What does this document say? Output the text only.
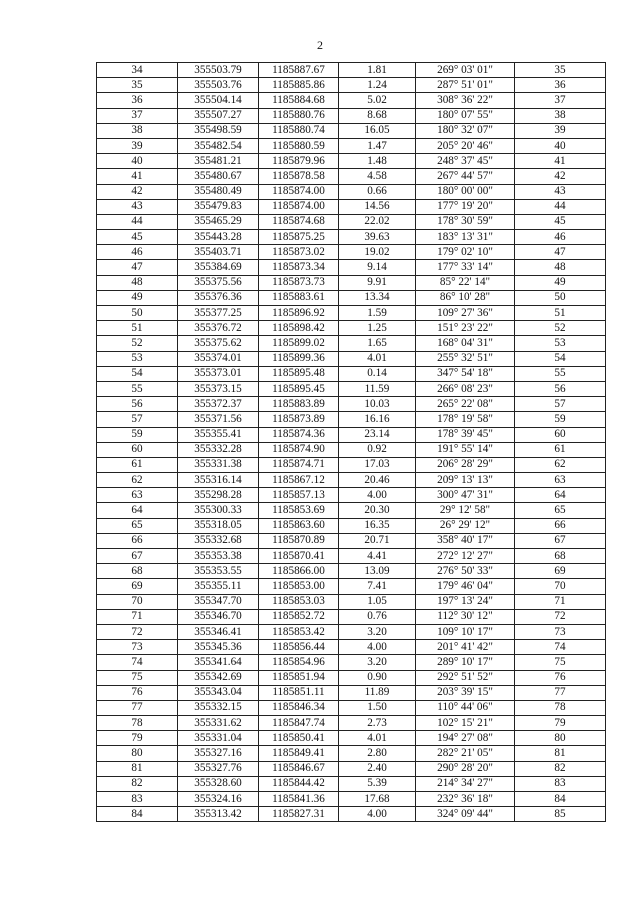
2
34	355503.79	1185887.67	1.81	269° 03' 01"	35
35	355503.76	1185885.86	1.24	287° 51' 01"	36
36	355504.14	1185884.68	5.02	308° 36' 22"	37
37	355507.27	1185880.76	8.68	180° 07' 55"	38
38	355498.59	1185880.74	16.05	180° 32' 07"	39
39	355482.54	1185880.59	1.47	205° 20' 46"	40
40	355481.21	1185879.96	1.48	248° 37' 45"	41
41	355480.67	1185878.58	4.58	267° 44' 57"	42
42	355480.49	1185874.00	0.66	180° 00' 00"	43
43	355479.83	1185874.00	14.56	177° 19' 20"	44
44	355465.29	1185874.68	22.02	178° 30' 59"	45
45	355443.28	1185875.25	39.63	183° 13' 31"	46
46	355403.71	1185873.02	19.02	179° 02' 10"	47
47	355384.69	1185873.34	9.14	177° 33' 14"	48
48	355375.56	1185873.73	9.91	85° 22' 14"	49
49	355376.36	1185883.61	13.34	86° 10' 28"	50
50	355377.25	1185896.92	1.59	109° 27' 36"	51
51	355376.72	1185898.42	1.25	151° 23' 22"	52
52	355375.62	1185899.02	1.65	168° 04' 31"	53
53	355374.01	1185899.36	4.01	255° 32' 51"	54
54	355373.01	1185895.48	0.14	347° 54' 18"	55
55	355373.15	1185895.45	11.59	266° 08' 23"	56
56	355372.37	1185883.89	10.03	265° 22' 08"	57
57	355371.56	1185873.89	16.16	178° 19' 58"	59
59	355355.41	1185874.36	23.14	178° 39' 45"	60
60	355332.28	1185874.90	0.92	191° 55' 14"	61
61	355331.38	1185874.71	17.03	206° 28' 29"	62
62	355316.14	1185867.12	20.46	209° 13' 13"	63
63	355298.28	1185857.13	4.00	300° 47' 31"	64
64	355300.33	1185853.69	20.30	29° 12' 58"	65
65	355318.05	1185863.60	16.35	26° 29' 12"	66
66	355332.68	1185870.89	20.71	358° 40' 17"	67
67	355353.38	1185870.41	4.41	272° 12' 27"	68
68	355353.55	1185866.00	13.09	276° 50' 33"	69
69	355355.11	1185853.00	7.41	179° 46' 04"	70
70	355347.70	1185853.03	1.05	197° 13' 24"	71
71	355346.70	1185852.72	0.76	112° 30' 12"	72
72	355346.41	1185853.42	3.20	109° 10' 17"	73
73	355345.36	1185856.44	4.00	201° 41' 42"	74
74	355341.64	1185854.96	3.20	289° 10' 17"	75
75	355342.69	1185851.94	0.90	292° 51' 52"	76
76	355343.04	1185851.11	11.89	203° 39' 15"	77
77	355332.15	1185846.34	1.50	110° 44' 06"	78
78	355331.62	1185847.74	2.73	102° 15' 21"	79
79	355331.04	1185850.41	4.01	194° 27' 08"	80
80	355327.16	1185849.41	2.80	282° 21' 05"	81
81	355327.76	1185846.67	2.40	290° 28' 20"	82
82	355328.60	1185844.42	5.39	214° 34' 27"	83
83	355324.16	1185841.36	17.68	232° 36' 18"	84
84	355313.42	1185827.31	4.00	324° 09' 44"	85
